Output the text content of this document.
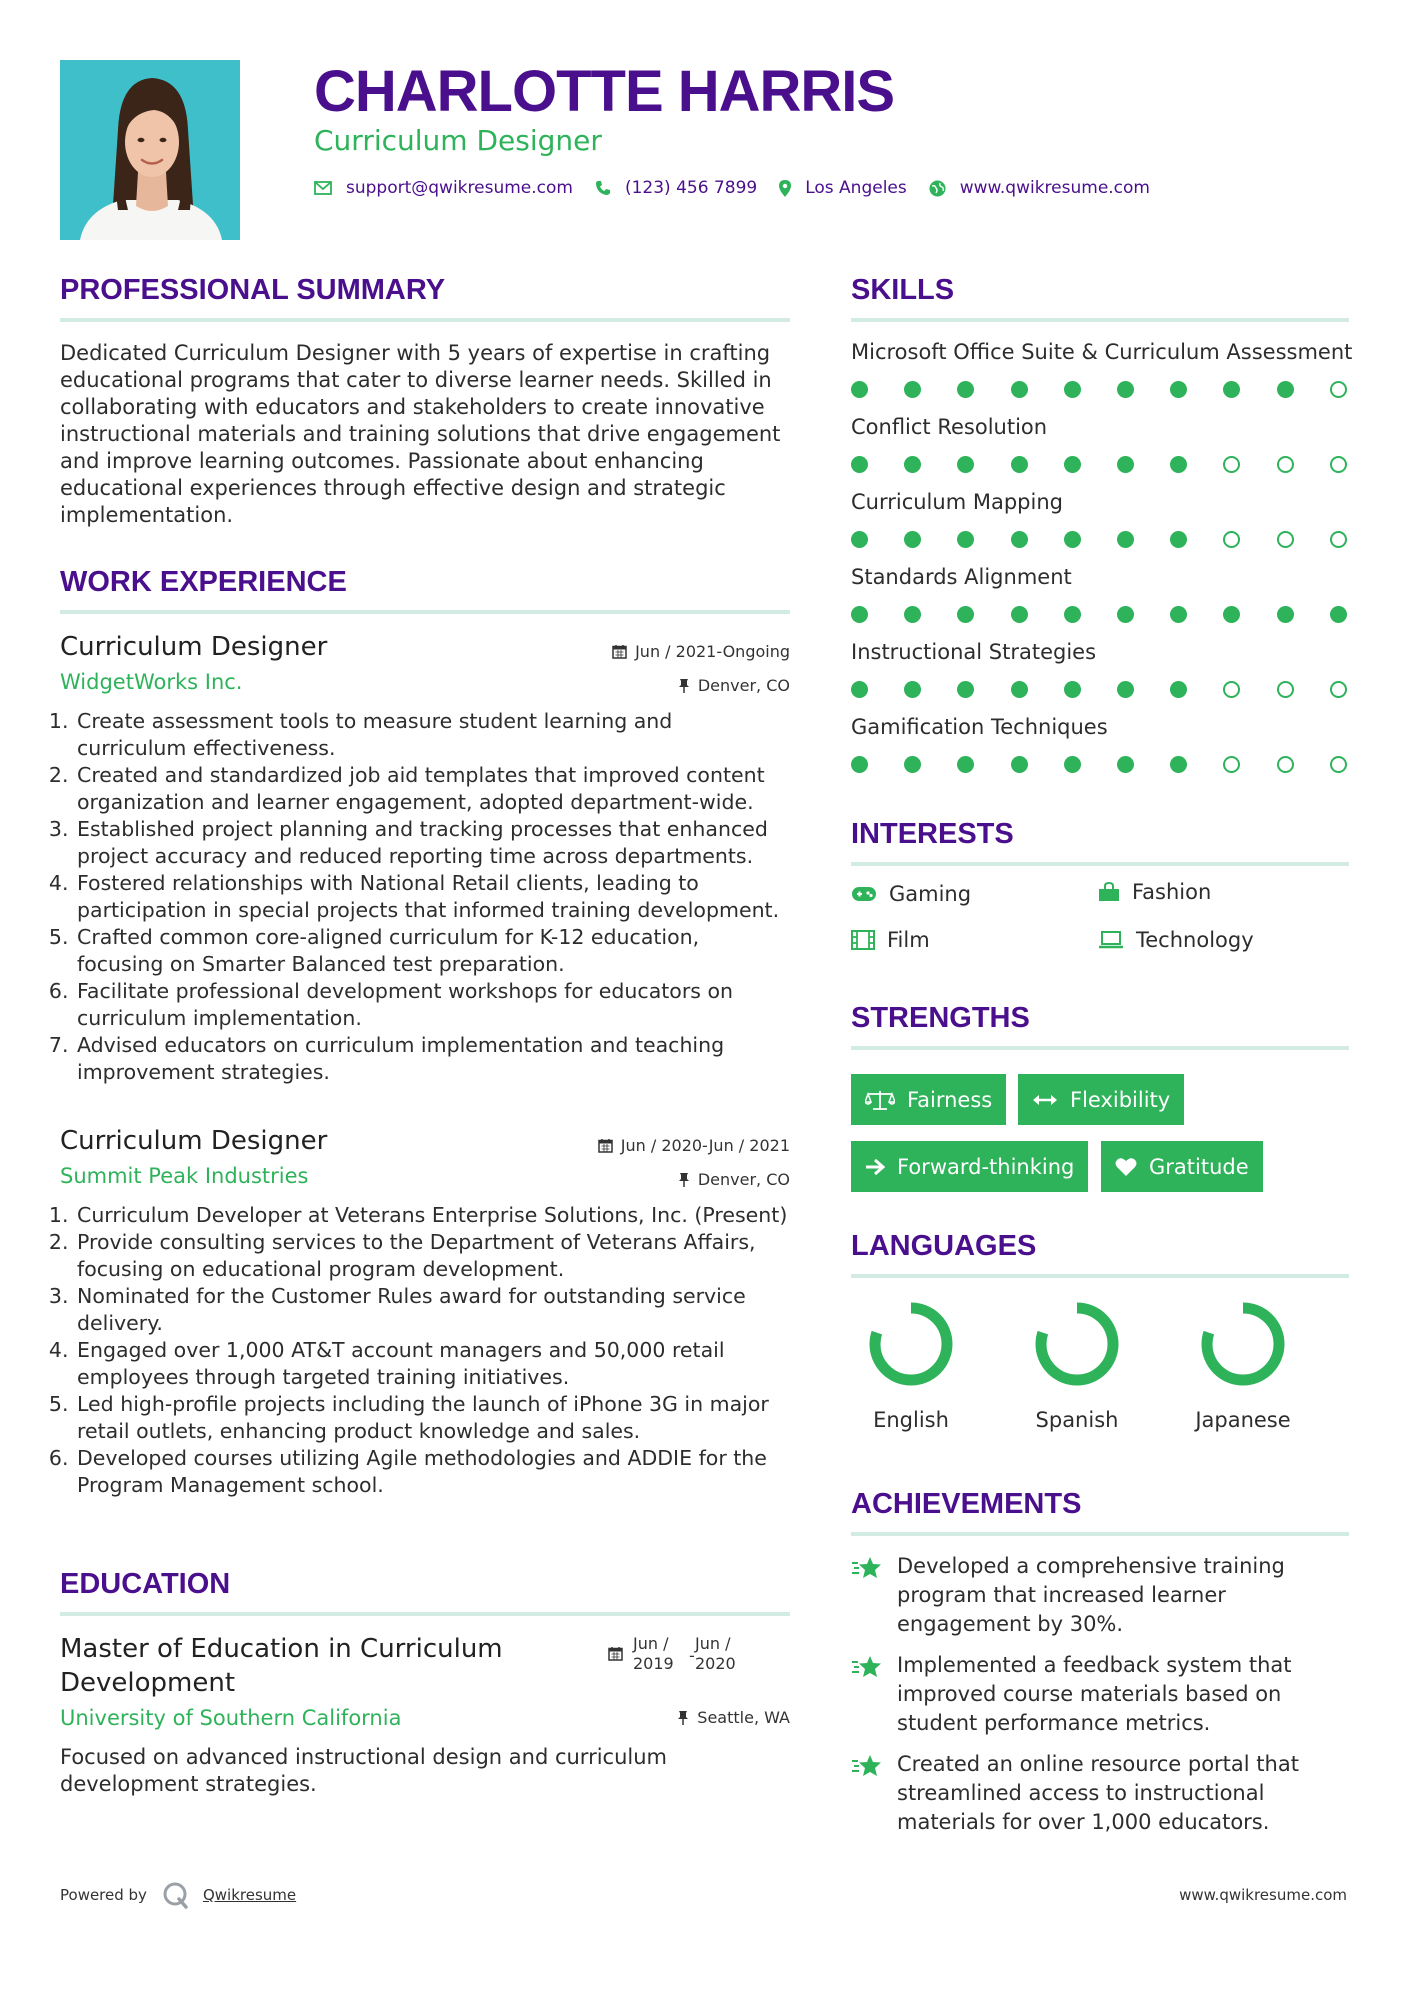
CHARLOTTE HARRIS
Curriculum Designer
support@qwikresume.com	(123) 456 7899	Los Angeles	www.qwikresume.com
PROFESSIONAL SUMMARY
Dedicated Curriculum Designer with 5 years of expertise in crafting educational programs that cater to diverse learner needs. Skilled in collaborating with educators and stakeholders to create innovative instructional materials and training solutions that drive engagement and improve learning outcomes. Passionate about enhancing educational experiences through effective design and strategic implementation.
WORK EXPERIENCE
Curriculum Designer	Jun / 2021-Ongoing
WidgetWorks Inc.	Denver, CO
1. Create assessment tools to measure student learning and curriculum effectiveness.
2. Created and standardized job aid templates that improved content organization and learner engagement, adopted department-wide.
3. Established project planning and tracking processes that enhanced project accuracy and reduced reporting time across departments.
4. Fostered relationships with National Retail clients, leading to participation in special projects that informed training development.
5. Crafted common core-aligned curriculum for K-12 education, focusing on Smarter Balanced test preparation.
6. Facilitate professional development workshops for educators on curriculum implementation.
7. Advised educators on curriculum implementation and teaching improvement strategies.
Curriculum Designer	Jun / 2020-Jun / 2021
Summit Peak Industries	Denver, CO
1. Curriculum Developer at Veterans Enterprise Solutions, Inc. (Present)
2. Provide consulting services to the Department of Veterans Affairs, focusing on educational program development.
3. Nominated for the Customer Rules award for outstanding service delivery.
4. Engaged over 1,000 AT&T account managers and 50,000 retail employees through targeted training initiatives.
5. Led high-profile projects including the launch of iPhone 3G in major retail outlets, enhancing product knowledge and sales.
6. Developed courses utilizing Agile methodologies and ADDIE for the Program Management school.
EDUCATION
Master of Education in Curriculum Development
Jun /
2019 -
Jun /
2020
University of Southern California	Seattle, WA
Focused on advanced instructional design and curriculum development strategies.
SKILLS
Microsoft Office Suite & Curriculum Assessment
Conflict Resolution
Curriculum Mapping
Standards Alignment
Instructional Strategies
Gamification Techniques
INTERESTS
Gaming	Fashion
Film	Technology
STRENGTHS
Fairness	Flexibility
Forward-thinking	Gratitude
LANGUAGES
English	Spanish	Japanese
ACHIEVEMENTS
Developed a comprehensive training program that increased learner engagement by 30%.
Implemented a feedback system that improved course materials based on student performance metrics.
Created an online resource portal that streamlined access to instructional materials for over 1,000 educators.
Powered by	Qwikresume	www.qwikresume.com
